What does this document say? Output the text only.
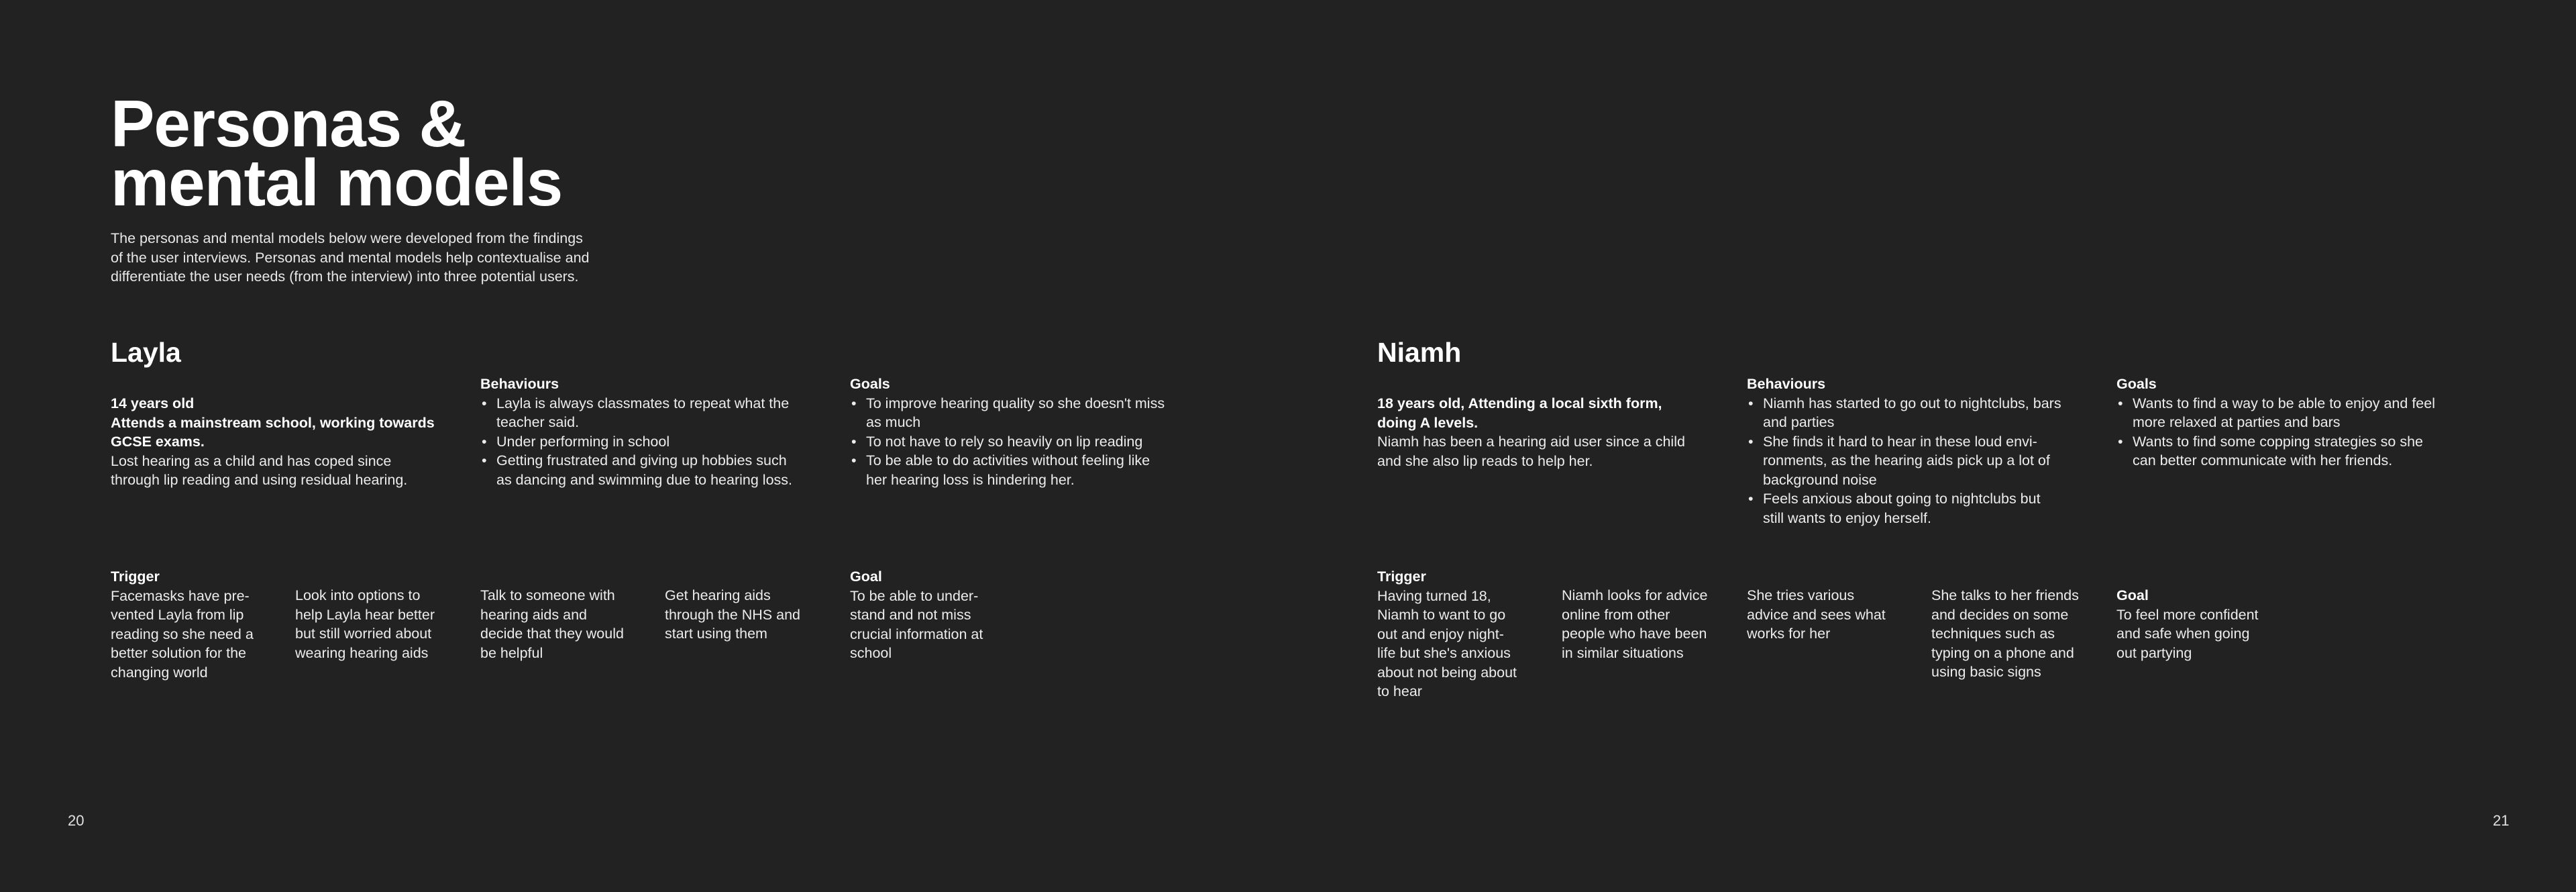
Personas &
mental models

The personas and mental models below were developed from the findings
of the user interviews. Personas and mental models help contextualise and
differentiate the user needs (from the interview) into three potential users.

Layla

14 years old

Attends a mainstream school, working towards

GCSE exams.

Lost hearing as a child and has coped since

through lip reading and using residual hearing.

Behaviours

• Layla is always classmates to repeat what the
teacher said.
• Under performing in school
• Getting frustrated and giving up hobbies such
as dancing and swimming due to hearing loss.

Goals

• To improve hearing quality so she doesn't miss
as much
• To not have to rely so heavily on lip reading
• To be able to do activities without feeling like
her hearing loss is hindering her.

Trigger

Facemasks have pre-

vented Layla from lip

reading so she need a

better solution for the

changing world

Look into options to

help Layla hear better

but still worried about

wearing hearing aids

Talk to someone with

hearing aids and

decide that they would

be helpful

Get hearing aids

through the NHS and

start using them

Goal

To be able to under-

stand and not miss

crucial information at

school

Niamh

18 years old, Attending a local sixth form,

doing A levels.

Niamh has been a hearing aid user since a child

and she also lip reads to help her.

Behaviours

• Niamh has started to go out to nightclubs, bars
and parties
• She finds it hard to hear in these loud envi-
ronments, as the hearing aids pick up a lot of
background noise
• Feels anxious about going to nightclubs but
still wants to enjoy herself.

Goals

• Wants to find a way to be able to enjoy and feel
more relaxed at parties and bars
• Wants to find some copping strategies so she
can better communicate with her friends.

Trigger

Having turned 18,

Niamh to want to go

out and enjoy night-

life but she's anxious

about not being about

to hear

Niamh looks for advice

online from other

people who have been

in similar situations

She tries various

advice and sees what

works for her

She talks to her friends

and decides on some

techniques such as

typing on a phone and

using basic signs

Goal

To feel more confident

and safe when going

out partying

20	21
